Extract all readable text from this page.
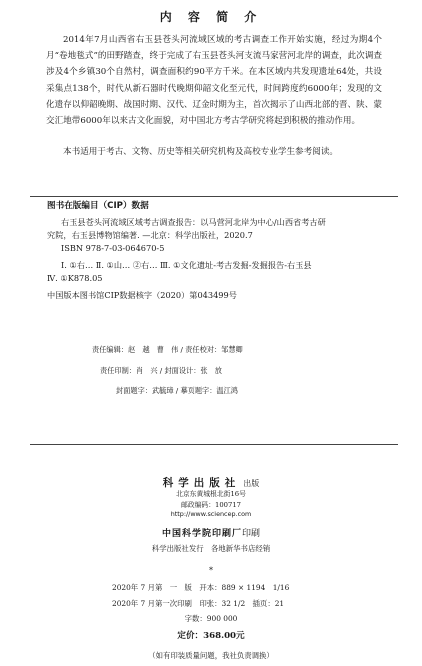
内 容 简 介
2014年7月山西省右玉县苍头河流域区域的考古调查工作开始实施，经过为期4个月“卷地毯式”的田野踏查，终于完成了右玉县苍头河支流马家营河北岸的调查，此次调查涉及4个乡镇30个自然村，调查面积约90平方千米。在本区域内共发现遗址64处，共设采集点138个，时代从新石器时代晚期仰韶文化至元代，时间跨度约6000年；发现的文化遗存以仰韶晚期、战国时期、汉代、辽金时期为主，首次揭示了山西北部的晋、陕、蒙交汇地带6000年以来古文化面貌，对中国北方考古学研究将起到积极的推动作用。
本书适用于考古、文物、历史等相关研究机构及高校专业学生参考阅读。
图书在版编目（CIP）数据
右玉县苍头河流域区域考古调查报告：以马营河北岸为中心/山西省考古研
究院，右玉县博物馆编著. —北京：科学出版社，2020.7
ISBN 978-7-03-064670-5
Ⅰ. ①右… Ⅱ. ①山… ②右… Ⅲ. ①文化遗址-考古发掘-发掘报告-右玉县
Ⅳ. ①K878.05
中国版本图书馆CIP数据核字（2020）第043499号
责任编辑：赵　越　曹　伟 / 责任校对：邹慧卿
责任印制：肖　兴 / 封面设计：张　放
封面题字：武毓璋 / 摹页题字：温江鸿
科学出版社 出版
北京东黄城根北街16号
邮政编码：100717
http://www.sciencep.com
中国科学院印刷厂印刷
科学出版社发行　各地新华书店经销
*
2020年 7 月第　一　版　开本：889 × 1194　1/16
2020年 7 月第一次印刷　印张：32 1/2　插页：21
字数：900 000
定价：368.00元
（如有印装质量问题，我社负责调换）
